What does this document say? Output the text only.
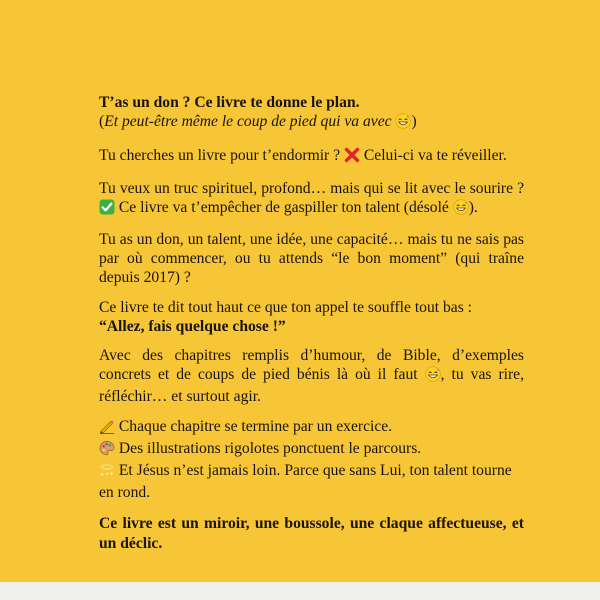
T’as un don ? Ce livre te donne le plan.
(Et peut-être même le coup de pied qui va avec )

Tu cherches un livre pour t’endormir ?  Celui-ci va te réveiller.

Tu veux un truc spirituel, profond… mais qui se lit avec le sourire ?  Ce livre va t’empêcher de gaspiller ton talent (désolé ).

Tu as un don, un talent, une idée, une capacité… mais tu ne sais pas par où commencer, ou tu attends “le bon moment” (qui traîne depuis 2017) ?

Ce livre te dit tout haut ce que ton appel te souffle tout bas :
“Allez, fais quelque chose !”

Avec des chapitres remplis d’humour, de Bible, d’exemples concrets et de coups de pied bénis là où il faut , tu vas rire, réfléchir… et surtout agir.

Chaque chapitre se termine par un exercice.

Des illustrations rigolotes ponctuent le parcours.

Et Jésus n’est jamais loin. Parce que sans Lui, ton talent tourne en rond.

Ce livre est un miroir, une boussole, une claque affectueuse, et un déclic.
